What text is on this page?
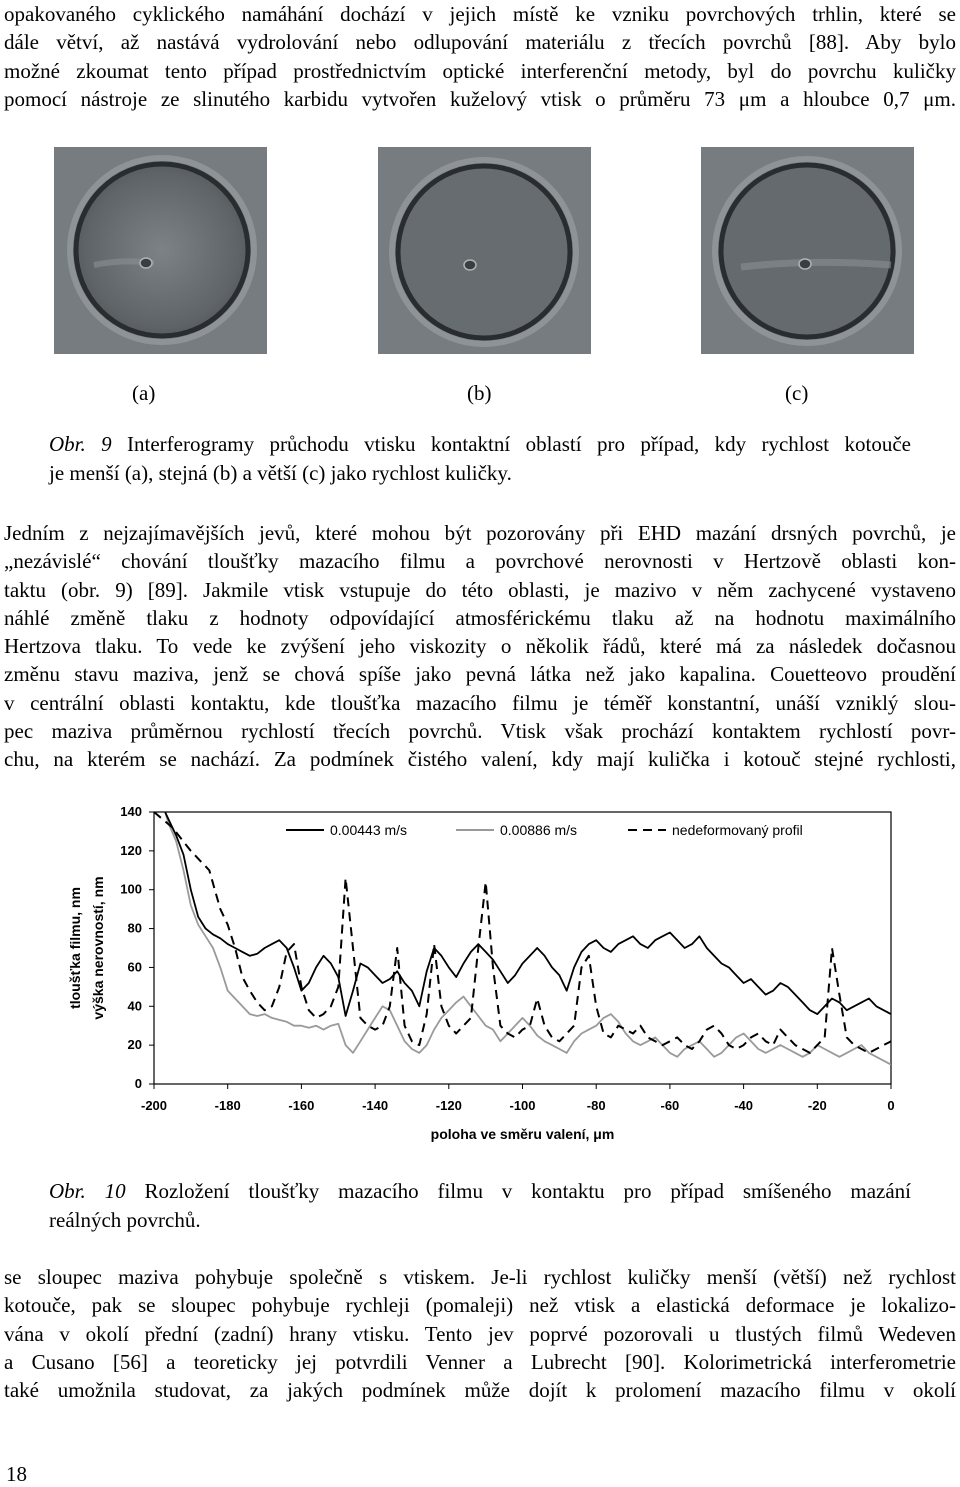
opakovaného cyklického namáhání dochází v jejich místě ke vzniku povrchových trhlin, které se
dále větví, až nastává vydrolování nebo odlupování materiálu z třecích povrchů [88]. Aby bylo
možné zkoumat tento případ prostřednictvím optické interferenční metody, byl do povrchu kuličky
pomocí nástroje ze slinutého karbidu vytvořen kuželový vtisk o průměru 73 μm a hloubce 0,7 μm.

(a)	(b)	(c)

Obr. 9 Interferogramy průchodu vtisku kontaktní oblastí pro případ, kdy rychlost kotouče
je menší (a), stejná (b) a větší (c) jako rychlost kuličky.

Jedním z nejzajímavějších jevů, které mohou být pozorovány při EHD mazání drsných povrchů, je
„nezávislé“ chování tloušťky mazacího filmu a povrchové nerovnosti v Hertzově oblasti kon-
taktu (obr. 9) [89]. Jakmile vtisk vstupuje do této oblasti, je mazivo v něm zachycené vystaveno
náhlé změně tlaku z hodnoty odpovídající atmosférickému tlaku až na hodnotu maximálního
Hertzova tlaku. To vede ke zvýšení jeho viskozity o několik řádů, které má za následek dočasnou
změnu stavu maziva, jenž se chová spíše jako pevná látka než jako kapalina. Couetteovo proudění
v centrální oblasti kontaktu, kde tloušťka mazacího filmu je téměř konstantní, unáší vzniklý slou-
pec maziva průměrnou rychlostí třecích povrchů. Vtisk však prochází kontaktem rychlostí povr-
chu, na kterém se nachází. Za podmínek čistého valení, kdy mají kulička i kotouč stejné rychlosti,

0
20
40
60
80
100
120
140
-200	-180	-160	-140	-120	-100	-80	-60	-40	-20	0
poloha ve směru valení, μm
tloušťka filmu, nm výška nerovností, nm
0.00443 m/s	0.00886 m/s	nedeformovaný profil

Obr. 10 Rozložení tloušťky mazacího filmu v kontaktu pro případ smíšeného mazání
reálných povrchů.

se sloupec maziva pohybuje společně s vtiskem. Je-li rychlost kuličky menší (větší) než rychlost
kotouče, pak se sloupec pohybuje rychleji (pomaleji) než vtisk a elastická deformace je lokalizo-
vána v okolí přední (zadní) hrany vtisku. Tento jev poprvé pozorovali u tlustých filmů Wedeven
a Cusano [56] a teoreticky jej potvrdili Venner a Lubrecht [90]. Kolorimetrická interferometrie
také umožnila studovat, za jakých podmínek může dojít k prolomení mazacího filmu v okolí

18
